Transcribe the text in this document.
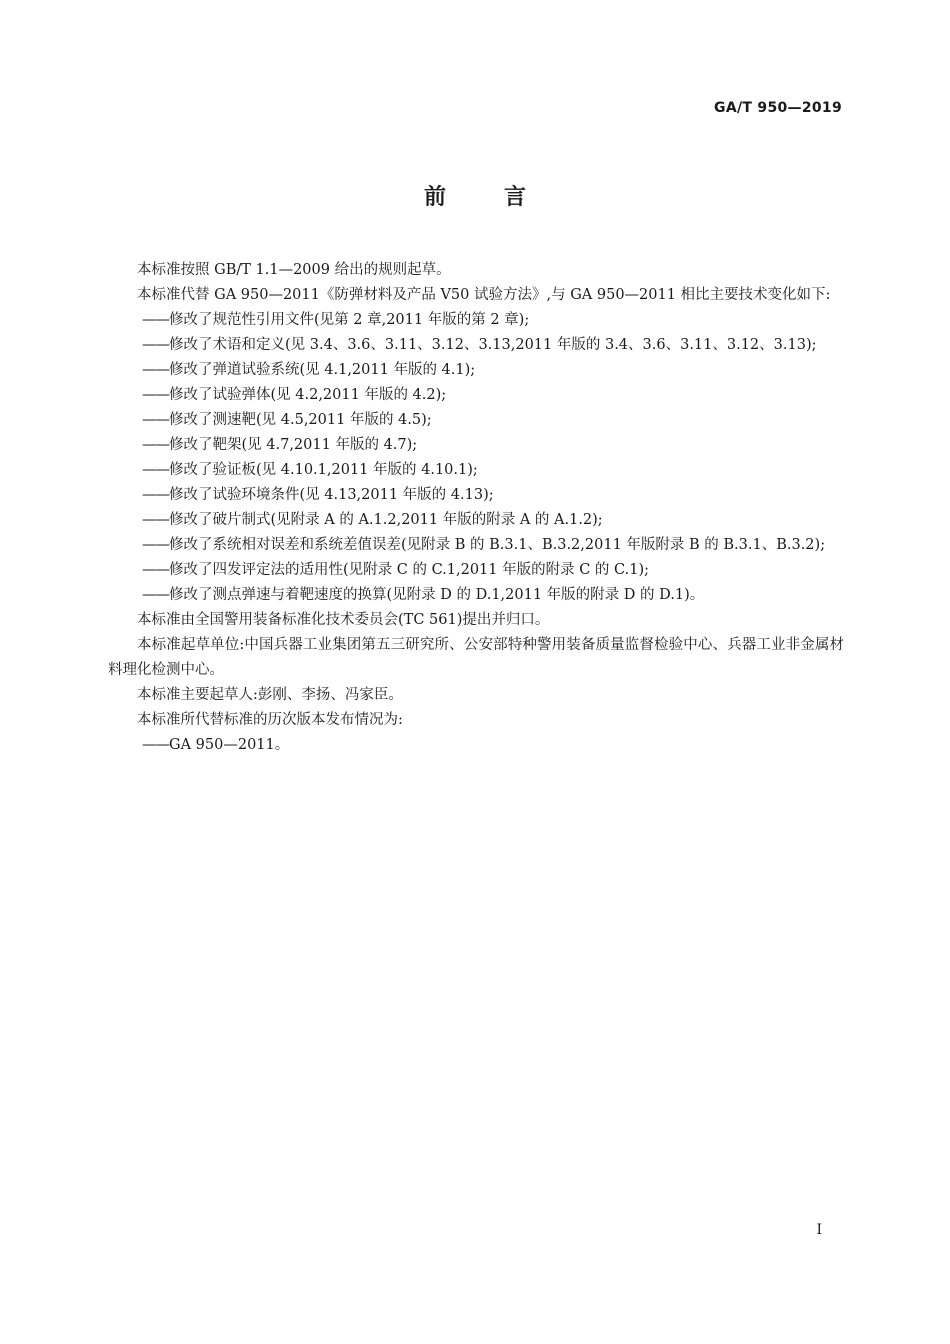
GA/T 950—2019
前	言

本标准按照 GB/T 1.1—2009 给出的规则起草。

本标准代替 GA 950—2011《防弹材料及产品 V50 试验方法》,与 GA 950—2011 相比主要技术变化如下:

——修改了规范性引用文件(见第 2 章,2011 年版的第 2 章);

——修改了术语和定义(见 3.4、3.6、3.11、3.12、3.13,2011 年版的 3.4、3.6、3.11、3.12、3.13);

——修改了弹道试验系统(见 4.1,2011 年版的 4.1);

——修改了试验弹体(见 4.2,2011 年版的 4.2);

——修改了测速靶(见 4.5,2011 年版的 4.5);

——修改了靶架(见 4.7,2011 年版的 4.7);

——修改了验证板(见 4.10.1,2011 年版的 4.10.1);

——修改了试验环境条件(见 4.13,2011 年版的 4.13);

——修改了破片制式(见附录 A 的 A.1.2,2011 年版的附录 A 的 A.1.2);

——修改了系统相对误差和系统差值误差(见附录 B 的 B.3.1、B.3.2,2011 年版附录 B 的 B.3.1、B.3.2);

——修改了四发评定法的适用性(见附录 C 的 C.1,2011 年版的附录 C 的 C.1);

——修改了测点弹速与着靶速度的换算(见附录 D 的 D.1,2011 年版的附录 D 的 D.1)。

本标准由全国警用装备标准化技术委员会(TC 561)提出并归口。

本标准起草单位:中国兵器工业集团第五三研究所、公安部特种警用装备质量监督检验中心、兵器工业非金属材料理化检测中心。

本标准主要起草人:彭刚、李扬、冯家臣。

本标准所代替标准的历次版本发布情况为:

——GA 950—2011。

I
